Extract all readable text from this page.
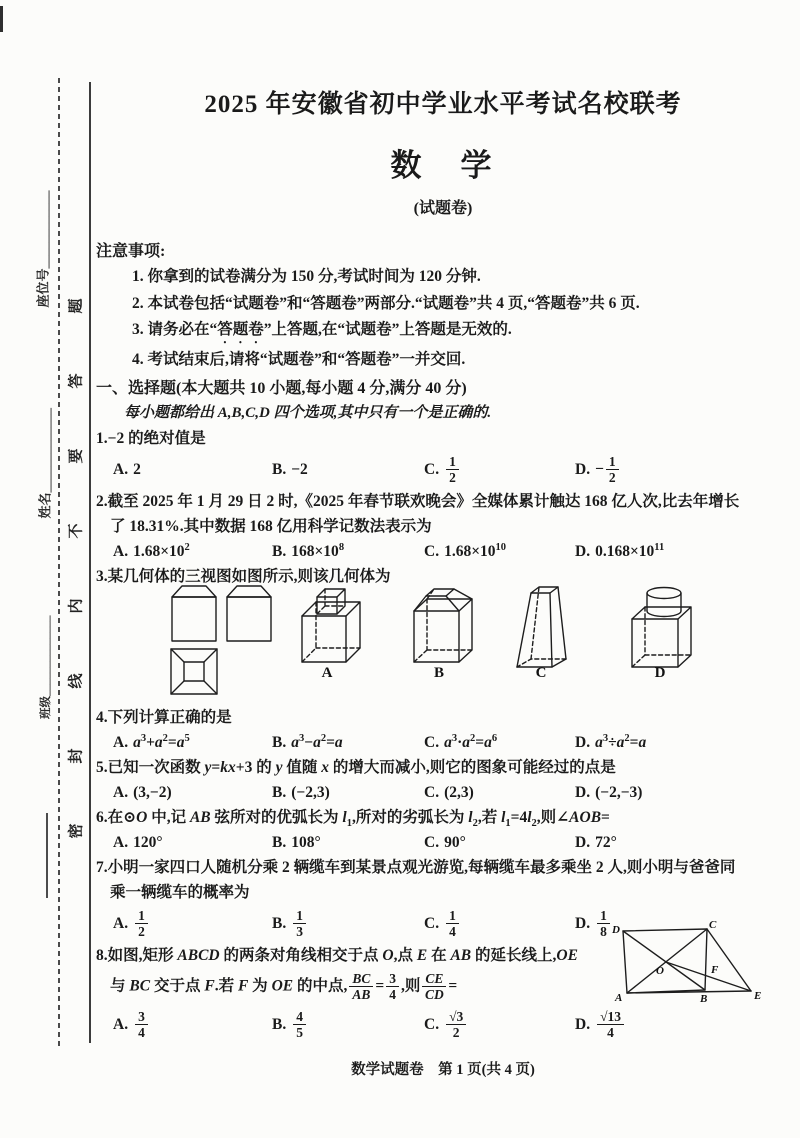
座位号____________
姓名_____________
班级______________ 密封线内不要答题
2025 年安徽省初中学业水平考试名校联考
数　学
(试题卷)
注意事项:
1. 你拿到的试卷满分为 150 分,考试时间为 120 分钟.
2. 本试卷包括“试题卷”和“答题卷”两部分.“试题卷”共 4 页,“答题卷”共 6 页.
3. 请务必在“答题卷”上答题,在“试题卷”上答题是无效的.
4. 考试结束后,请将“试题卷”和“答题卷”一并交回.
一、选择题(本大题共 10 小题,每小题 4 分,满分 40 分)
每小题都给出 A,B,C,D 四个选项,其中只有一个是正确的.
1.−2 的绝对值是
A. 2	B. −2	C. $\frac{1}{2}$	D. − $\frac{1}{2}$
2.截至 2025 年 1 月 29 日 2 时,《2025 年春节联欢晚会》全媒体累计触达 168 亿人次,比去年增长
了 18.31%.其中数据 168 亿用科学记数法表示为
A. $1.68\times 10^2$	B. $168\times 10^8$	C. $1.68\times 10^{10}$	D. $0.168\times 10^{11}$
3.某几何体的三视图如图所示,则该几何体为
A	B	C	D
4.下列计算正确的是
A. $a^3+a^2=a^5$	B. $a^3-a^2=a$	C. $a^3\cdot a^2=a^6$	D. $a^3\div a^2=a$
5.已知一次函数 y=kx+3 的 y 值随 x 的增大而减小,则它的图象可能经过的点是
A. (3,−2)	B. (−2,3)	C. (2,3)	D. (−2,−3)
6.在⊙O 中,记 AB 弦所对的优弧长为 $l_1$,所对的劣弧长为 $l_2$,若 $l_1=4l_2$,则∠AOB=
A. 120°	B. 108°	C. 90°	D. 72°
7.小明一家四口人随机分乘 2 辆缆车到某景点观光游览,每辆缆车最多乘坐 2 人,则小明与爸爸同
乘一辆缆车的概率为
A. $\frac{1}{2}$	B. $\frac{1}{3}$	C. $\frac{1}{4}$	D. $\frac{1}{8}$
8.如图,矩形 ABCD 的两条对角线相交于点 O,点 E 在 AB 的延长线上,OE
与 BC 交于点 F.若 F 为 OE 的中点, $\frac{BC}{AB} = \frac{3}{4}$ ,则 $\frac{CE}{CD}$ =
A. $\frac{3}{4}$	B. $\frac{4}{5}$	C. $\frac{√3}{2}$	D. $\frac{√13}{4}$
数学试题卷　第 1 页(共 4 页)
D	C
A	B	E
F
O
